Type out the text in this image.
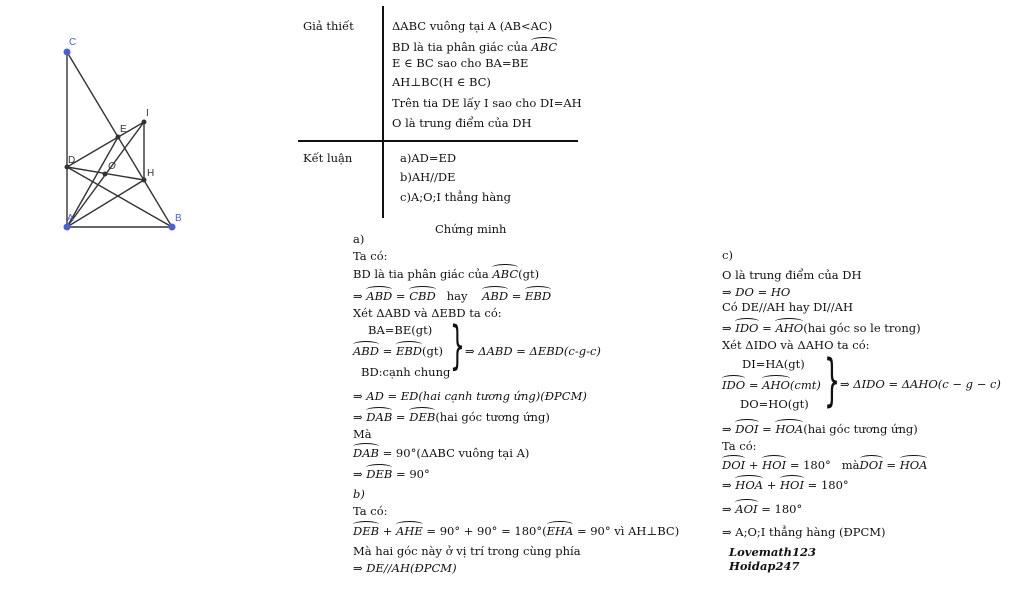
C
A	B
D
E
I
H
O
Giả thiết
Kết luận
ΔABC vuông tại A (AB<AC)
BD là tia phân giác của ABC
E ∈ BC sao cho BA=BE
AH⊥BC(H ∈ BC)
Trên tia DE lấy I sao cho DI=AH
O là trung điểm của DH
a)AD=ED
b)AH//DE
c)A;O;I thẳng hàng
Chứng minh
a)
Ta có:
BD là tia phân giác của ABC(gt)
⇒ ABD = CBD hay ABD = EBD
Xét ΔABD và ΔEBD ta có:
BA=BE(gt)
ABD = EBD(gt)
BD:cạnh chung } ⇒ ΔABD = ΔEBD(c-g-c)
⇒ AD = ED(hai cạnh tương ứng)(ĐPCM)
⇒ DAB = DEB(hai góc tương ứng)
Mà
DAB = 90°(ΔABC vuông tại A)
⇒ DEB = 90°
b)
Ta có:
DEB + AHE = 90° + 90° = 180°(EHA = 90° vì AH⊥BC)
Mà hai góc này ở vị trí trong cùng phía
⇒ DE//AH(ĐPCM)
c)
O là trung điểm của DH
⇒ DO = HO
Có DE//AH hay DI//AH
⇒ IDO = AHO(hai góc so le trong)
Xét ΔIDO và ΔAHO ta có:
DI=HA(gt)
IDO = AHO(cmt)
DO=HO(gt) } ⇒ ΔIDO = ΔAHO(c − g − c)
⇒ DOI = HOA(hai góc tương ứng)
Ta có:
DOI + HOI = 180° màDOI = HOA
⇒ HOA + HOI = 180°
⇒ AOI = 180°
⇒ A;O;I thẳng hàng (ĐPCM)
Lovemath123
Hoidap247
